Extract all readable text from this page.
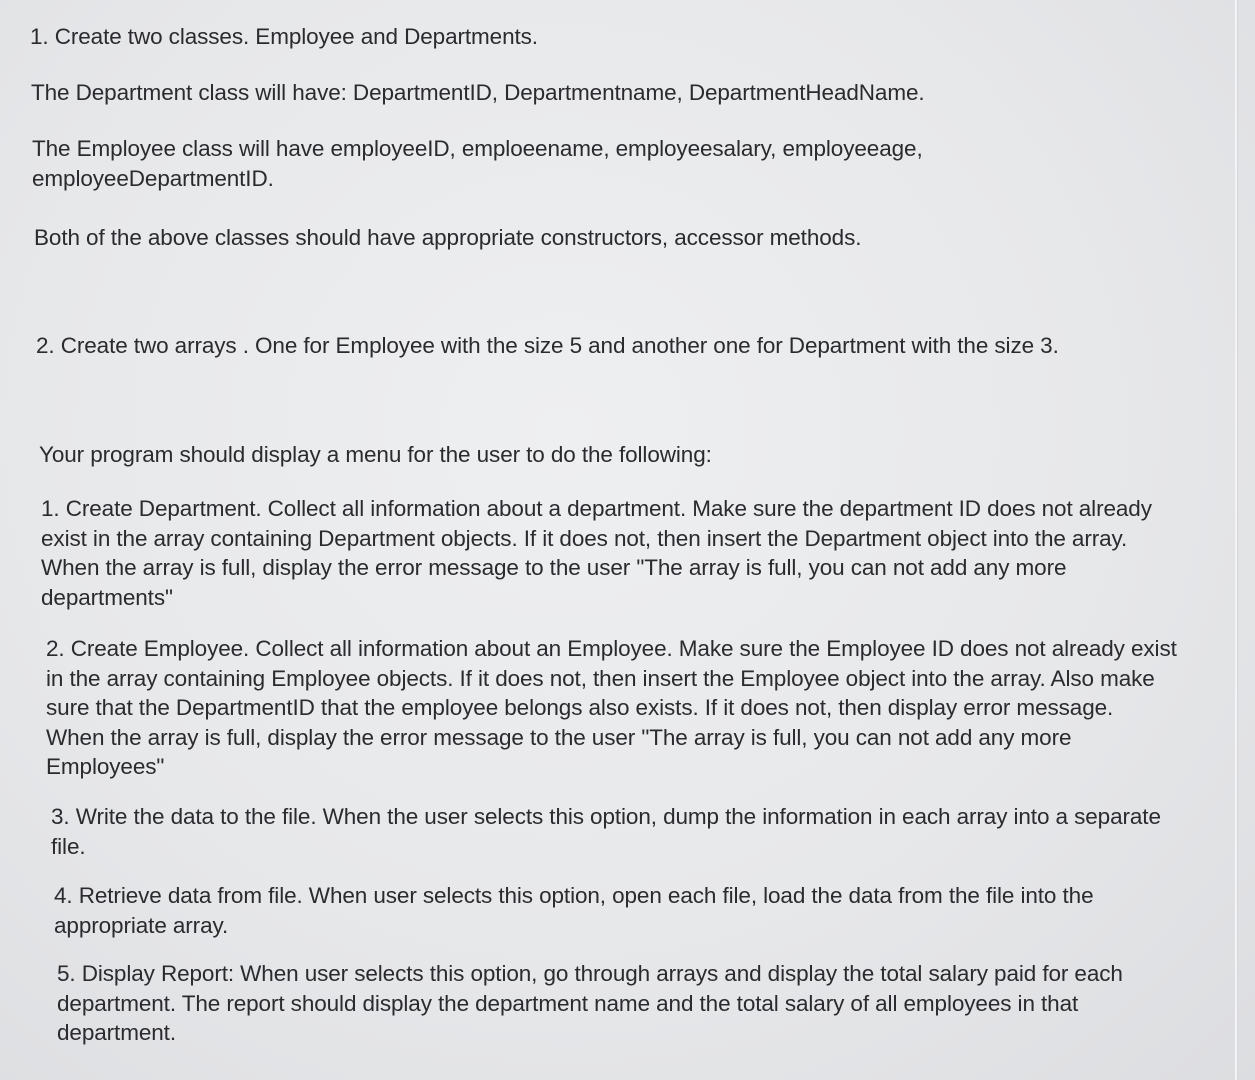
1. Create two classes. Employee and Departments.

The Department class will have: DepartmentID, Departmentname, DepartmentHeadName.

The Employee class will have employeeID, emploeename, employeesalary, employeeage,
employeeDepartmentID.

Both of the above classes should have appropriate constructors, accessor methods.

2. Create two arrays . One for Employee with the size 5 and another one for Department with the size 3.

Your program should display a menu for the user to do the following:

1. Create Department. Collect all information about a department. Make sure the department ID does not already
exist in the array containing Department objects. If it does not, then insert the Department object into the array.
When the array is full, display the error message to the user "The array is full, you can not add any more
departments"

2. Create Employee. Collect all information about an Employee. Make sure the Employee ID does not already exist
in the array containing Employee objects. If it does not, then insert the Employee object into the array. Also make
sure that the DepartmentID that the employee belongs also exists. If it does not, then display error message.
When the array is full, display the error message to the user "The array is full, you can not add any more
Employees"

3. Write the data to the file. When the user selects this option, dump the information in each array into a separate
file.

4. Retrieve data from file. When user selects this option, open each file, load the data from the file into the
appropriate array.

5. Display Report: When user selects this option, go through arrays and display the total salary paid for each
department. The report should display the department name and the total salary of all employees in that
department.
